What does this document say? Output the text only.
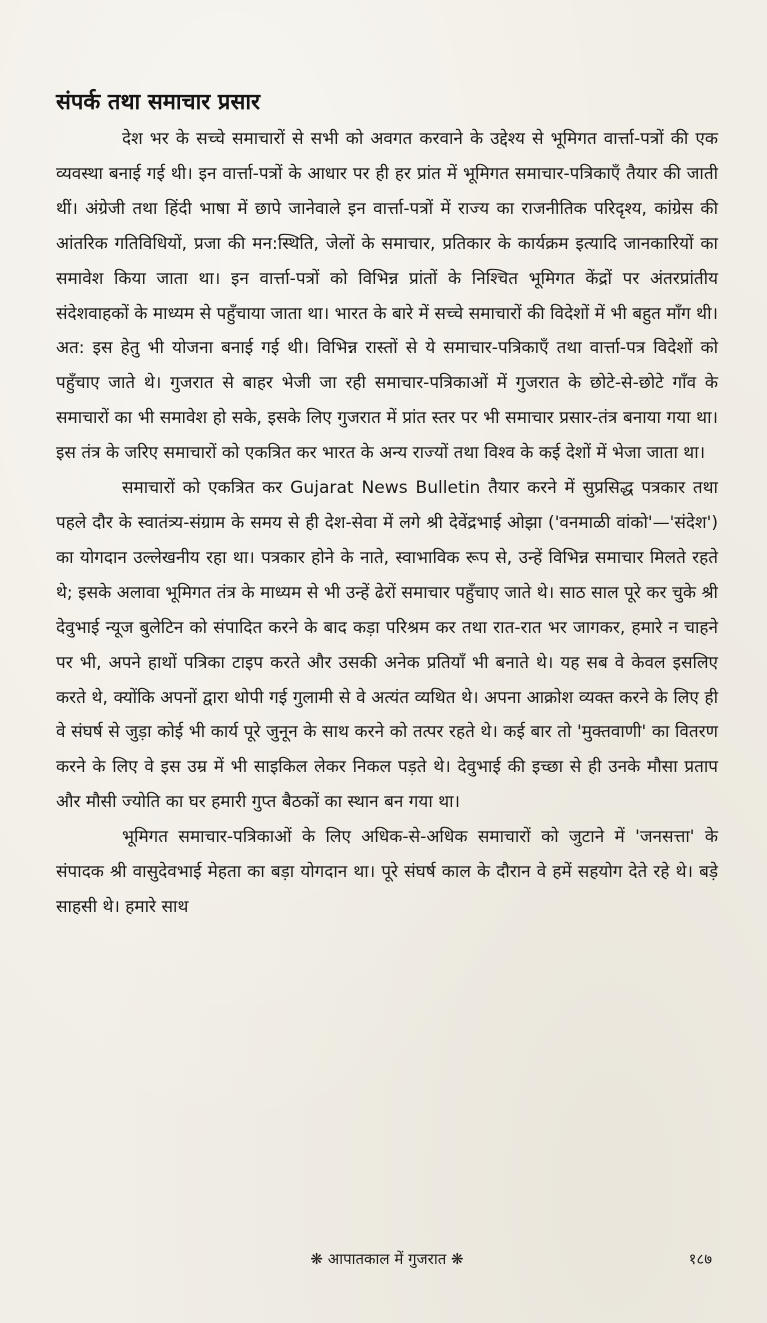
संपर्क तथा समाचार प्रसार

देश भर के सच्चे समाचारों से सभी को अवगत करवाने के उद्देश्य से भूमिगत वार्त्ता-पत्रों की एक व्यवस्था बनाई गई थी। इन वार्त्ता-पत्रों के आधार पर ही हर प्रांत में भूमिगत समाचार-पत्रिकाएँ तैयार की जाती थीं। अंग्रेजी तथा हिंदी भाषा में छापे जानेवाले इन वार्त्ता-पत्रों में राज्य का राजनीतिक परिदृश्य, कांग्रेस की आंतरिक गतिविधियों, प्रजा की मन:स्थिति, जेलों के समाचार, प्रतिकार के कार्यक्रम इत्यादि जानकारियों का समावेश किया जाता था। इन वार्त्ता-पत्रों को विभिन्न प्रांतों के निश्चित भूमिगत केंद्रों पर अंतरप्रांतीय संदेशवाहकों के माध्यम से पहुँचाया जाता था। भारत के बारे में सच्चे समाचारों की विदेशों में भी बहुत माँग थी। अत: इस हेतु भी योजना बनाई गई थी। विभिन्न रास्तों से ये समाचार-पत्रिकाएँ तथा वार्त्ता-पत्र विदेशों को पहुँचाए जाते थे। गुजरात से बाहर भेजी जा रही समाचार-पत्रिकाओं में गुजरात के छोटे-से-छोटे गाँव के समाचारों का भी समावेश हो सके, इसके लिए गुजरात में प्रांत स्तर पर भी समाचार प्रसार-तंत्र बनाया गया था। इस तंत्र के जरिए समाचारों को एकत्रित कर भारत के अन्य राज्यों तथा विश्व के कई देशों में भेजा जाता था।

समाचारों को एकत्रित कर Gujarat News Bulletin तैयार करने में सुप्रसिद्ध पत्रकार तथा पहले दौर के स्वातंत्र्य-संग्राम के समय से ही देश-सेवा में लगे श्री देवेंद्रभाई ओझा ('वनमाळी वांको'—'संदेश') का योगदान उल्लेखनीय रहा था। पत्रकार होने के नाते, स्वाभाविक रूप से, उन्हें विभिन्न समाचार मिलते रहते थे; इसके अलावा भूमिगत तंत्र के माध्यम से भी उन्हें ढेरों समाचार पहुँचाए जाते थे। साठ साल पूरे कर चुके श्री देवुभाई न्यूज बुलेटिन को संपादित करने के बाद कड़ा परिश्रम कर तथा रात-रात भर जागकर, हमारे न चाहने पर भी, अपने हाथों पत्रिका टाइप करते और उसकी अनेक प्रतियाँ भी बनाते थे। यह सब वे केवल इसलिए करते थे, क्योंकि अपनों द्वारा थोपी गई गुलामी से वे अत्यंत व्यथित थे। अपना आक्रोश व्यक्त करने के लिए ही वे संघर्ष से जुड़ा कोई भी कार्य पूरे जुनून के साथ करने को तत्पर रहते थे। कई बार तो 'मुक्तवाणी' का वितरण करने के लिए वे इस उम्र में भी साइकिल लेकर निकल पड़ते थे। देवुभाई की इच्छा से ही उनके मौसा प्रताप और मौसी ज्योति का घर हमारी गुप्त बैठकों का स्थान बन गया था।

भूमिगत समाचार-पत्रिकाओं के लिए अधिक-से-अधिक समाचारों को जुटाने में 'जनसत्ता' के संपादक श्री वासुदेवभाई मेहता का बड़ा योगदान था। पूरे संघर्ष काल के दौरान वे हमें सहयोग देते रहे थे। बड़े साहसी थे। हमारे साथ

❋ आपातकाल में गुजरात ❋	१८७
